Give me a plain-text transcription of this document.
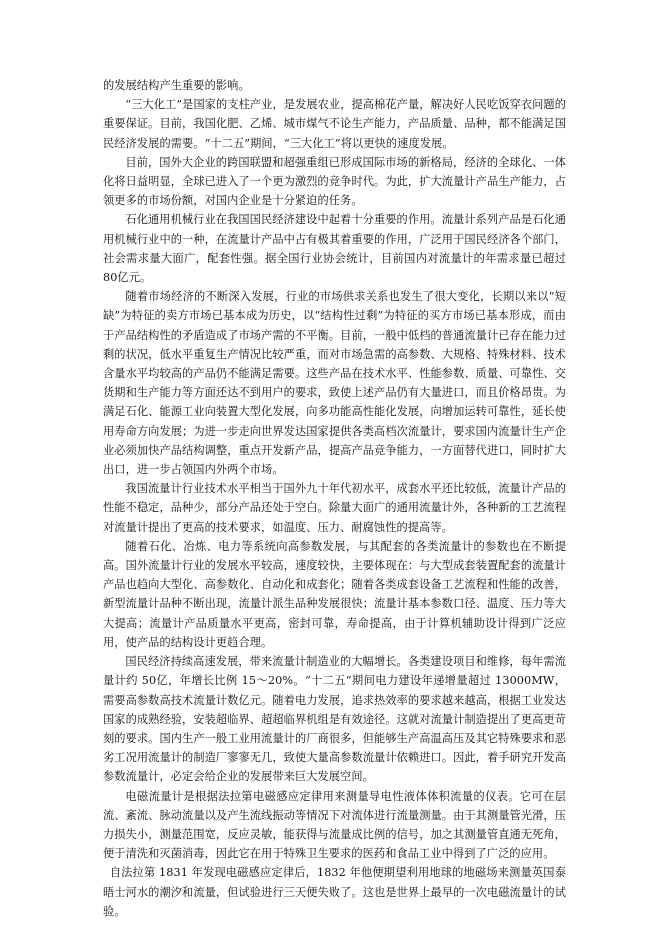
的发展结构产生重要的影响。

“三大化工”是国家的支柱产业，是发展农业，提高棉花产量，解决好人民吃饭穿衣问题的重要保证。目前，我国化肥、乙烯、城市煤气不论生产能力，产品质量、品种，都不能满足国民经济发展的需要。“十二五”期间，“三大化工”将以更快的速度发展。

目前，国外大企业的跨国联盟和超强重组已形成国际市场的新格局，经济的全球化、一体化将日益明显，全球已进入了一个更为激烈的竞争时代。为此，扩大流量计产品生产能力，占领更多的市场份额，对国内企业是十分紧迫的任务。

石化通用机械行业在我国国民经济建设中起着十分重要的作用。流量计系列产品是石化通用机械行业中的一种，在流量计产品中占有极其着重要的作用，广泛用于国民经济各个部门，社会需求量大面广，配套性强。据全国行业协会统计，目前国内对流量计的年需求量已超过80亿元。

随着市场经济的不断深入发展，行业的市场供求关系也发生了很大变化，长期以来以“短缺”为特征的卖方市场已基本成为历史，以“结构性过剩”为特征的买方市场已基本形成，而由于产品结构性的矛盾造成了市场产需的不平衡。目前，一般中低档的普通流量计已存在能力过剩的状况，低水平重复生产情况比较严重，而对市场急需的高参数、大规格、特殊材料、技术含量水平均较高的产品仍不能满足需要。这些产品在技术水平、性能参数、质量、可靠性、交货期和生产能力等方面还达不到用户的要求，致使上述产品仍有大量进口，而且价格昂贵。为满足石化、能源工业向装置大型化发展，向多功能高性能化发展，向增加运转可靠性，延长使用寿命方向发展；为进一步走向世界发达国家提供各类高档次流量计，要求国内流量计生产企业必须加快产品结构调整，重点开发新产品，提高产品竞争能力，一方面替代进口，同时扩大出口，进一步占领国内外两个市场。

我国流量计行业技术水平相当于国外九十年代初水平，成套水平还比较低，流量计产品的性能不稳定，品种少，部分产品还处于空白。除量大面广的通用流量计外，各种新的工艺流程对流量计提出了更高的技术要求，如温度、压力、耐腐蚀性的提高等。

随着石化、冶炼、电力等系统向高参数发展，与其配套的各类流量计的参数也在不断提高。国外流量计行业的发展水平较高，速度较快，主要体现在：与大型成套装置配套的流量计产品也趋向大型化、高参数化、自动化和成套化；随着各类成套设备工艺流程和性能的改善，新型流量计品种不断出现，流量计派生品种发展很快；流量计基本参数口径、温度、压力等大大提高；流量计产品质量水平更高，密封可靠，寿命提高，由于计算机辅助设计得到广泛应用，使产品的结构设计更趋合理。

国民经济持续高速发展，带来流量计制造业的大幅增长。各类建设项目和维修，每年需流量计约 50亿，年增长比例 15～20%。“十二五”期间电力建设年递增量超过 13000MW，需要高参数高技术流量计数亿元。随着电力发展，追求热效率的要求越来越高，根据工业发达国家的成熟经验，安装超临界、超超临界机组是有效途径。这就对流量计制造提出了更高更苛刻的要求。国内生产一般工业用流量计的厂商很多，但能够生产高温高压及其它特殊要求和恶劣工况用流量计的制造厂寥寥无几，致使大量高参数流量计依赖进口。因此，着手研究开发高参数流量计，必定会给企业的发展带来巨大发展空间。

电磁流量计是根据法拉第电磁感应定律用来测量导电性液体体积流量的仪表。它可在层流、紊流、脉动流量以及产生流线振动等情况下对流体进行流量测量。由于其测量管光滑，压力损失小，测量范围宽，反应灵敏，能获得与流量成比例的信号，加之其测量管直通无死角，便于清洗和灭菌消毒，因此它在用于特殊卫生要求的医药和食品工业中得到了广泛的应用。

自法拉第 1831 年发现电磁感应定律后，1832 年他便期望利用地球的地磁场来测量英国泰晤士河水的潮汐和流量，但试验进行三天便失败了。这也是世界上最早的一次电磁流量计的试验。
